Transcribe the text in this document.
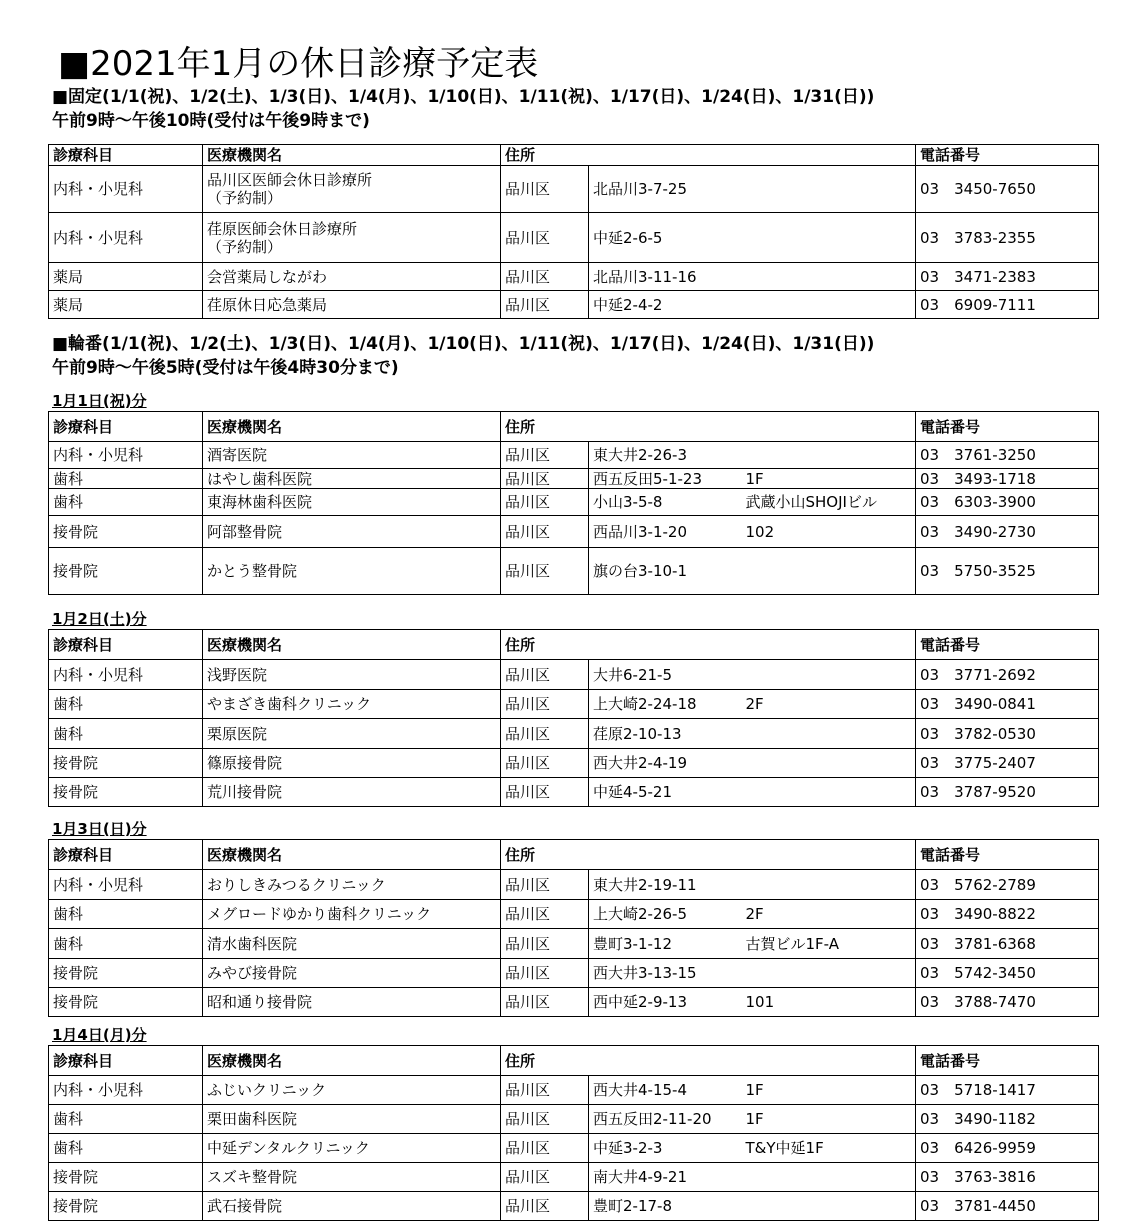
■2021年1月の休日診療予定表
■固定(1/1(祝)、1/2(土)、1/3(日)、1/4(月)、1/10(日)、1/11(祝)、1/17(日)、1/24(日)、1/31(日))
午前9時～午後10時(受付は午後9時まで)
診療科目	医療機関名	住所			電話番号
内科・小児科	品川区医師会休日診療所
（予約制）	品川区	北品川3-7-25		03　3450-7650
内科・小児科	荏原医師会休日診療所
（予約制）	品川区	中延2-6-5		03　3783-2355
薬局	会営薬局しながわ	品川区	北品川3-11-16		03　3471-2383
薬局	荏原休日応急薬局	品川区	中延2-4-2		03　6909-7111
■輪番(1/1(祝)、1/2(土)、1/3(日)、1/4(月)、1/10(日)、1/11(祝)、1/17(日)、1/24(日)、1/31(日))
午前9時～午後5時(受付は午後4時30分まで)
1月1日(祝)分
診療科目	医療機関名	住所			電話番号
内科・小児科	酒寄医院	品川区	東大井2-26-3		03　3761-3250
歯科	はやし歯科医院	品川区	西五反田5-1-23	1F	03　3493-1718
歯科	東海林歯科医院	品川区	小山3-5-8	武蔵小山SHOJIビル	03　6303-3900
接骨院	阿部整骨院	品川区	西品川3-1-20	102	03　3490-2730
接骨院	かとう整骨院	品川区	旗の台3-10-1		03　5750-3525
1月2日(土)分
診療科目	医療機関名	住所			電話番号
内科・小児科	浅野医院	品川区	大井6-21-5		03　3771-2692
歯科	やまざき歯科クリニック	品川区	上大崎2-24-18	2F	03　3490-0841
歯科	栗原医院	品川区	荏原2-10-13		03　3782-0530
接骨院	篠原接骨院	品川区	西大井2-4-19		03　3775-2407
接骨院	荒川接骨院	品川区	中延4-5-21		03　3787-9520
1月3日(日)分
診療科目	医療機関名	住所			電話番号
内科・小児科	おりしきみつるクリニック	品川区	東大井2-19-11		03　5762-2789
歯科	メグロードゆかり歯科クリニック	品川区	上大崎2-26-5	2F	03　3490-8822
歯科	清水歯科医院	品川区	豊町3-1-12	古賀ビル1F-A	03　3781-6368
接骨院	みやび接骨院	品川区	西大井3-13-15		03　5742-3450
接骨院	昭和通り接骨院	品川区	西中延2-9-13	101	03　3788-7470
1月4日(月)分
診療科目	医療機関名	住所			電話番号
内科・小児科	ふじいクリニック	品川区	西大井4-15-4	1F	03　5718-1417
歯科	栗田歯科医院	品川区	西五反田2-11-20	1F	03　3490-1182
歯科	中延デンタルクリニック	品川区	中延3-2-3	T&Y中延1F	03　6426-9959
接骨院	スズキ整骨院	品川区	南大井4-9-21		03　3763-3816
接骨院	武石接骨院	品川区	豊町2-17-8		03　3781-4450
